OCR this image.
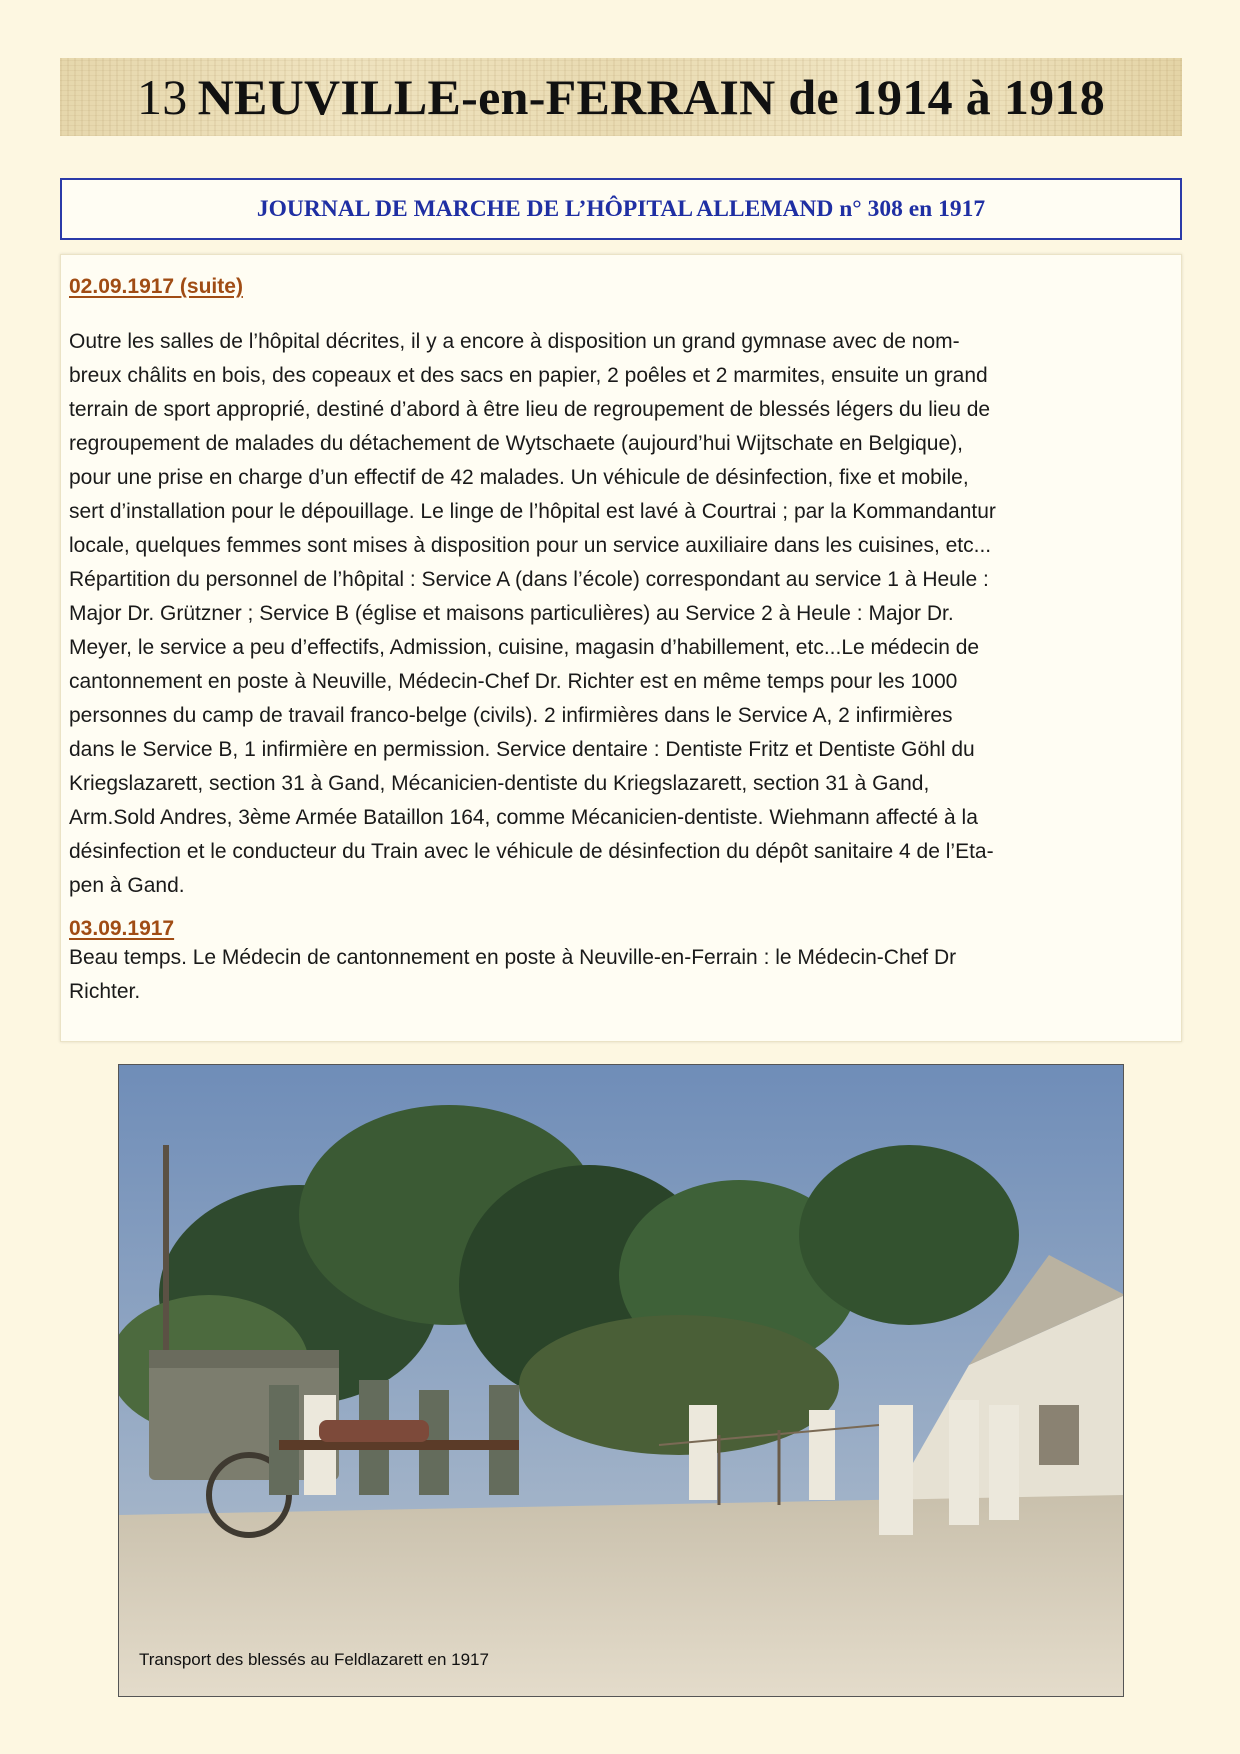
13 NEUVILLE-en-FERRAIN de 1914 à 1918
JOURNAL DE MARCHE DE L’HÔPITAL ALLEMAND n° 308 en 1917
02.09.1917 (suite)
Outre les salles de l’hôpital décrites, il y a encore à disposition un grand gymnase avec de nom-
breux châlits en bois, des copeaux et des sacs en papier, 2 poêles et 2 marmites, ensuite un grand
terrain de sport approprié, destiné d’abord à être lieu de regroupement de blessés légers du lieu de
regroupement de malades du détachement de Wytschaete (aujourd’hui Wijtschate en Belgique),
pour une prise en charge d’un effectif de 42 malades. Un véhicule de désinfection, fixe et mobile,
sert d’installation pour le dépouillage. Le linge de l’hôpital est lavé à Courtrai ; par la Kommandantur
locale, quelques femmes sont mises à disposition pour un service auxiliaire dans les cuisines, etc...
Répartition du personnel de l’hôpital : Service A (dans l’école) correspondant au service 1 à Heule :
Major Dr. Grützner ; Service B (église et maisons particulières) au Service 2 à Heule : Major Dr.
Meyer, le service a peu d’effectifs, Admission, cuisine, magasin d’habillement, etc...Le médecin de
cantonnement en poste à Neuville, Médecin-Chef Dr. Richter est en même temps pour les 1000
personnes du camp de travail franco-belge (civils). 2 infirmières dans le Service A, 2 infirmières
dans le Service B, 1 infirmière en permission. Service dentaire : Dentiste Fritz et Dentiste Göhl du
Kriegslazarett, section 31 à Gand, Mécanicien-dentiste du Kriegslazarett, section 31 à Gand,
Arm.Sold Andres, 3ème Armée Bataillon 164, comme Mécanicien-dentiste. Wiehmann affecté à la
désinfection et le conducteur du Train avec le véhicule de désinfection du dépôt sanitaire 4 de l’Eta-
pen à Gand.
03.09.1917
Beau temps. Le Médecin de cantonnement en poste à Neuville-en-Ferrain : le Médecin-Chef Dr
Richter.
Transport des blessés au Feldlazarett en 1917
